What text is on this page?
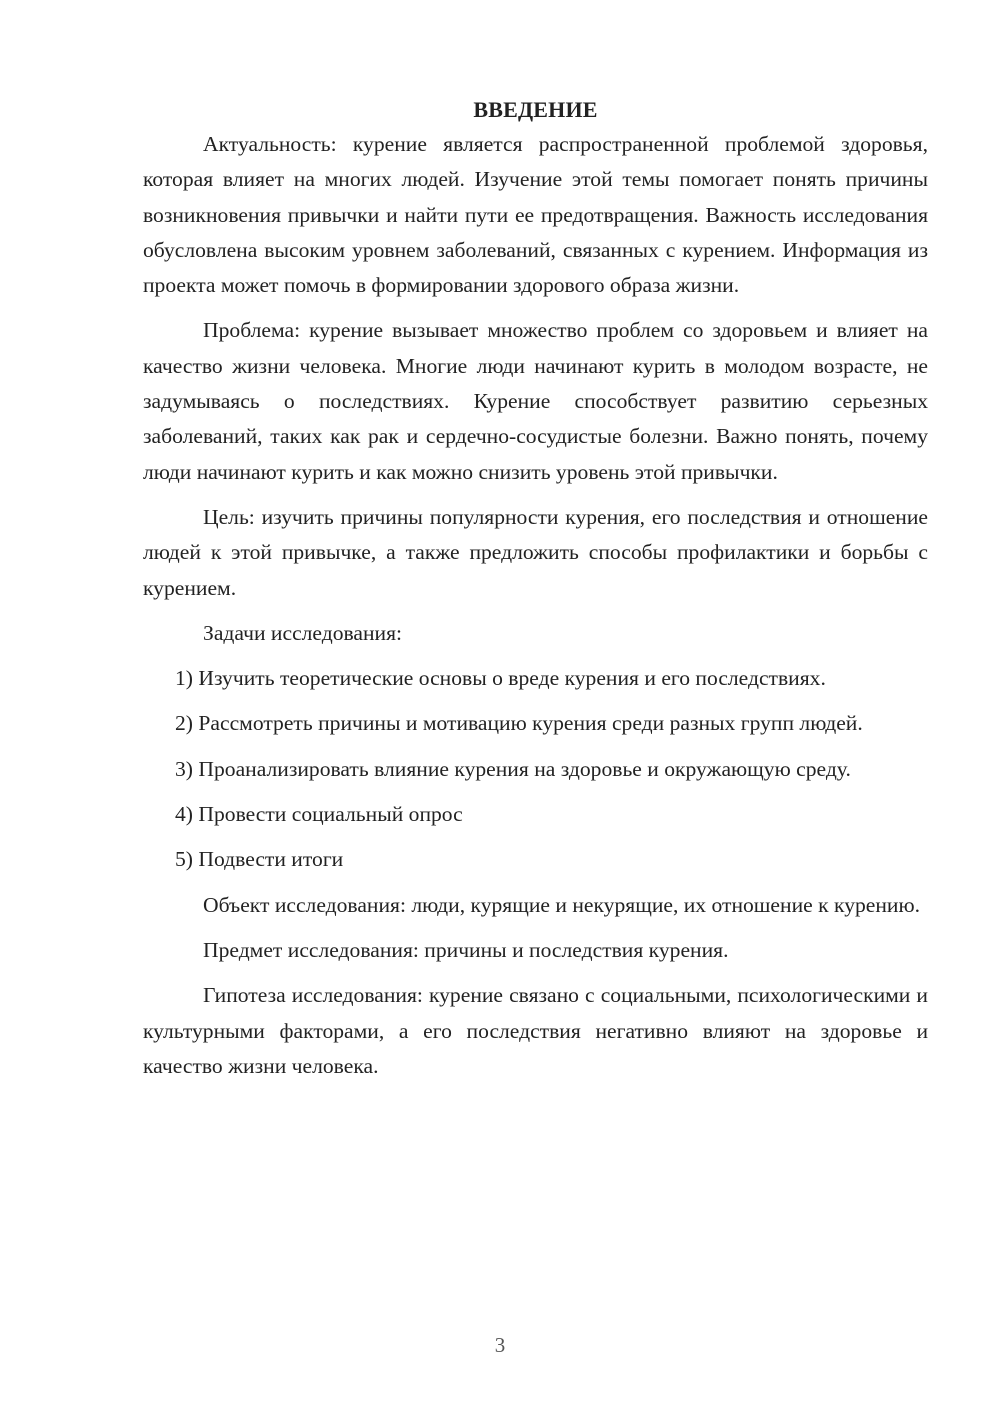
ВВЕДЕНИЕ

Актуальность: курение является распространенной проблемой здоровья, которая влияет на многих людей. Изучение этой темы помогает понять причины возникновения привычки и найти пути ее предотвращения. Важность исследования обусловлена высоким уровнем заболеваний, связанных с курением. Информация из проекта может помочь в формировании здорового образа жизни.

Проблема: курение вызывает множество проблем со здоровьем и влияет на качество жизни человека. Многие люди начинают курить в молодом возрасте, не задумываясь о последствиях. Курение способствует развитию серьезных заболеваний, таких как рак и сердечно-сосудистые болезни. Важно понять, почему люди начинают курить и как можно снизить уровень этой привычки.

Цель: изучить причины популярности курения, его последствия и отношение людей к этой привычке, а также предложить способы профилактики и борьбы с курением.

Задачи исследования:

1) Изучить теоретические основы о вреде курения и его последствиях.

2) Рассмотреть причины и мотивацию курения среди разных групп людей.

3) Проанализировать влияние курения на здоровье и окружающую среду.

4) Провести социальный опрос

5) Подвести итоги

Объект исследования: люди, курящие и некурящие, их отношение к курению.

Предмет исследования: причины и последствия курения.

Гипотеза исследования: курение связано с социальными, психологическими и культурными факторами, а его последствия негативно влияют на здоровье и качество жизни человека.

3
